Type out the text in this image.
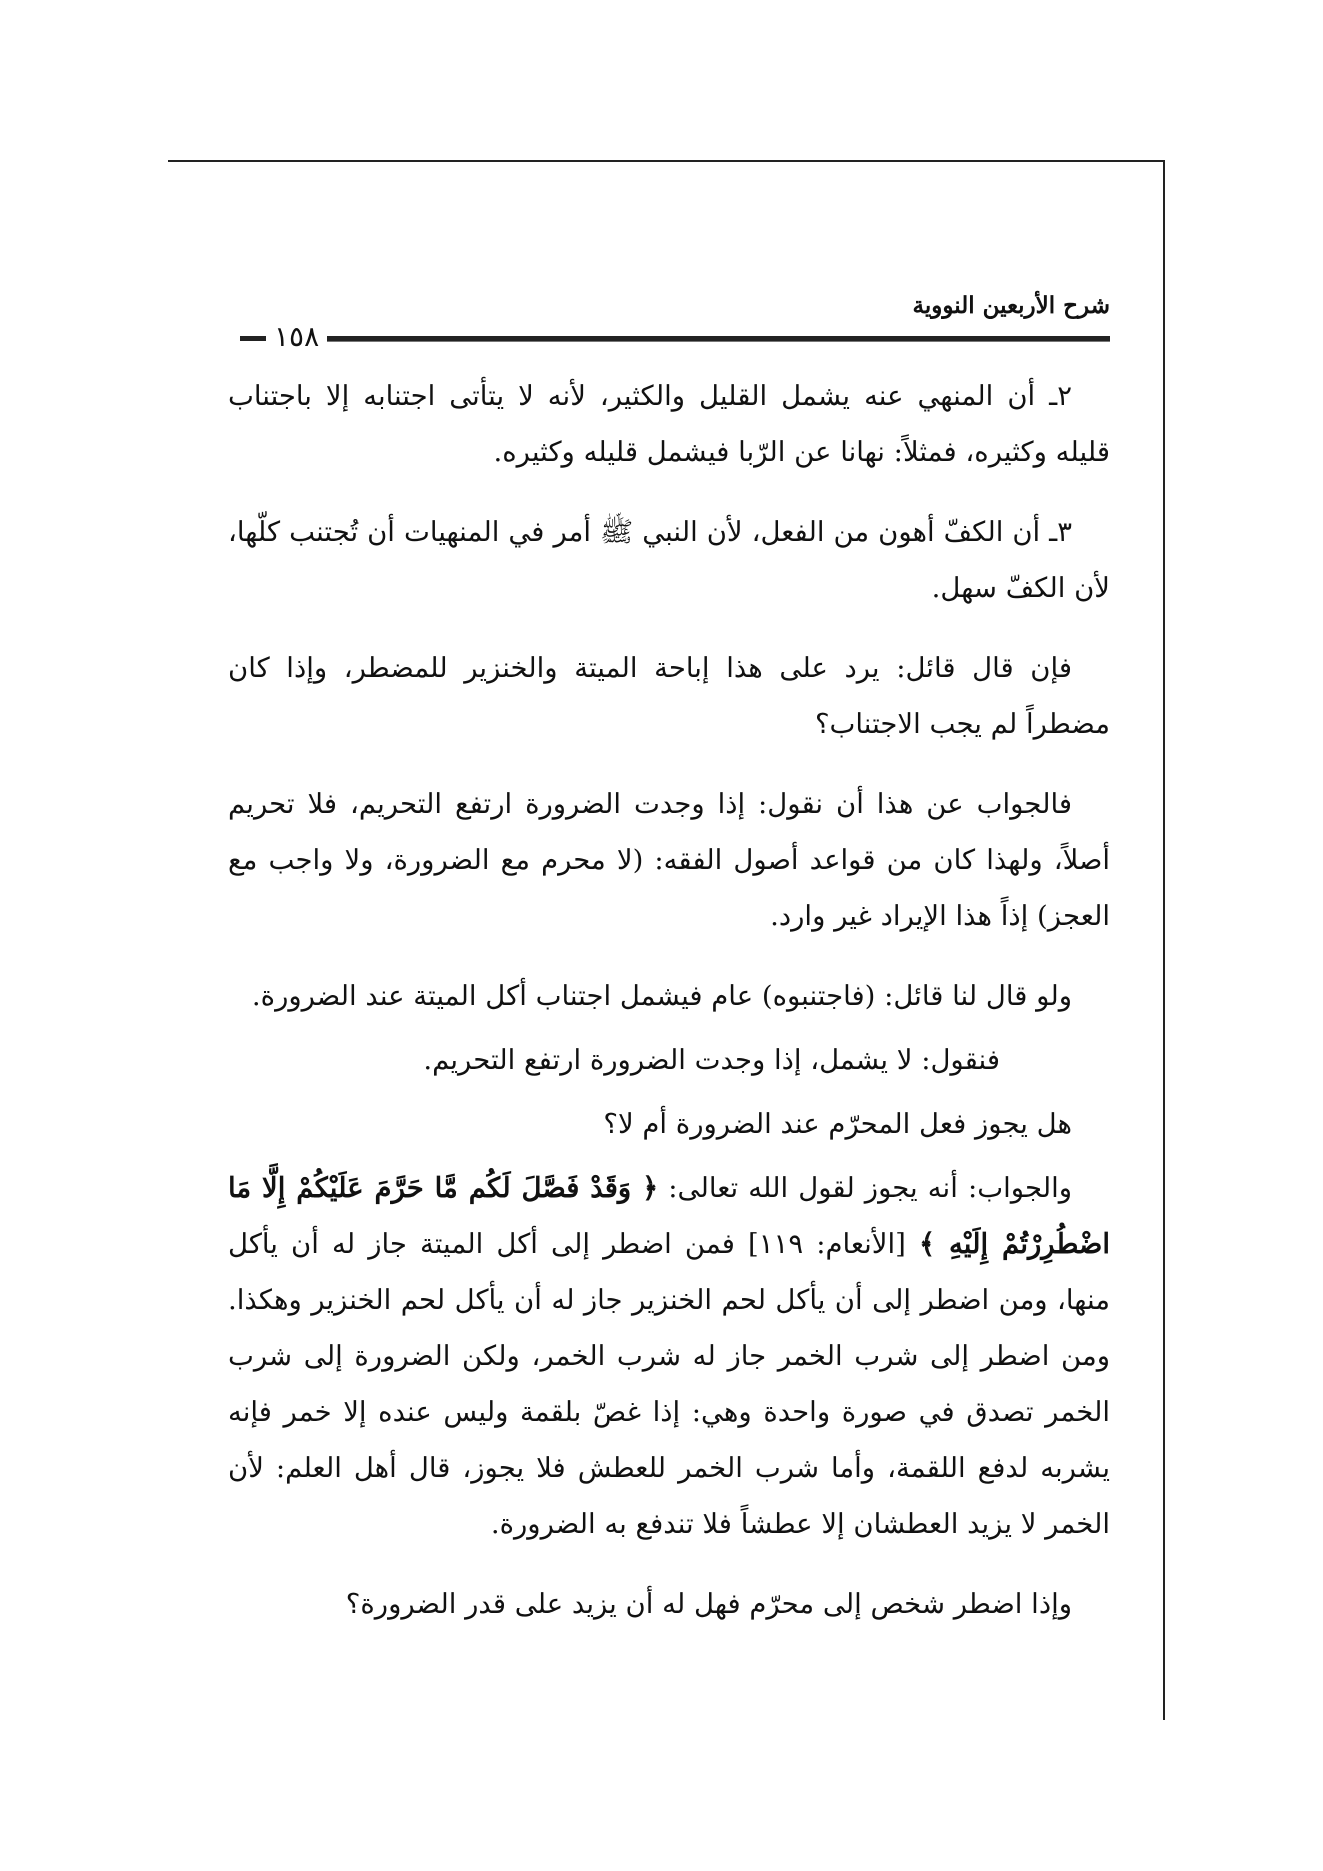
شرح الأربعين النووية
١٥٨

٢ـ أن المنهي عنه يشمل القليل والكثير، لأنه لا يتأتى اجتنابه إلا باجتناب قليله وكثيره، فمثلاً: نهانا عن الرّبا فيشمل قليله وكثيره.

٣ـ أن الكفّ أهون من الفعل، لأن النبي ﷺ أمر في المنهيات أن تُجتنب كلّها، لأن الكفّ سهل.

فإن قال قائل: يرد على هذا إباحة الميتة والخنزير للمضطر، وإذا كان مضطراً لم يجب الاجتناب؟

فالجواب عن هذا أن نقول: إذا وجدت الضرورة ارتفع التحريم، فلا تحريم أصلاً، ولهذا كان من قواعد أصول الفقه: (لا محرم مع الضرورة، ولا واجب مع العجز) إذاً هذا الإيراد غير وارد.

ولو قال لنا قائل: (فاجتنبوه) عام فيشمل اجتناب أكل الميتة عند الضرورة.

فنقول: لا يشمل، إذا وجدت الضرورة ارتفع التحريم.

هل يجوز فعل المحرّم عند الضرورة أم لا؟

والجواب: أنه يجوز لقول الله تعالى: ﴿ وَقَدْ فَصَّلَ لَكُم مَّا حَرَّمَ عَلَيْكُمْ إِلَّا مَا اضْطُرِرْتُمْ إِلَيْهِ ﴾ [الأنعام: ١١٩] فمن اضطر إلى أكل الميتة جاز له أن يأكل منها، ومن اضطر إلى أن يأكل لحم الخنزير جاز له أن يأكل لحم الخنزير وهكذا. ومن اضطر إلى شرب الخمر جاز له شرب الخمر، ولكن الضرورة إلى شرب الخمر تصدق في صورة واحدة وهي: إذا غصّ بلقمة وليس عنده إلا خمر فإنه يشربه لدفع اللقمة، وأما شرب الخمر للعطش فلا يجوز، قال أهل العلم: لأن الخمر لا يزيد العطشان إلا عطشاً فلا تندفع به الضرورة.

وإذا اضطر شخص إلى محرّم فهل له أن يزيد على قدر الضرورة؟
